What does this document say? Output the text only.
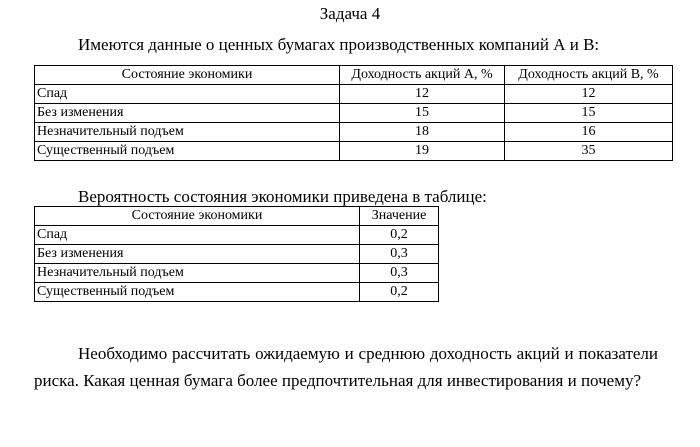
Задача 4
Имеются данные о ценных бумагах производственных компаний А и В:
Состояние экономики	Доходность акций А, %	Доходность акций В, %
Спад	12	12
Без изменения	15	15
Незначительный подъем	18	16
Существенный подъем	19	35
Вероятность состояния экономики приведена в таблице:
Состояние экономики	Значение
Спад	0,2
Без изменения	0,3
Незначительный подъем	0,3
Существенный подъем	0,2
Необходимо рассчитать ожидаемую и среднюю доходность акций и показатели риска. Какая ценная бумага более предпочтительная для инвестирования и почему?
